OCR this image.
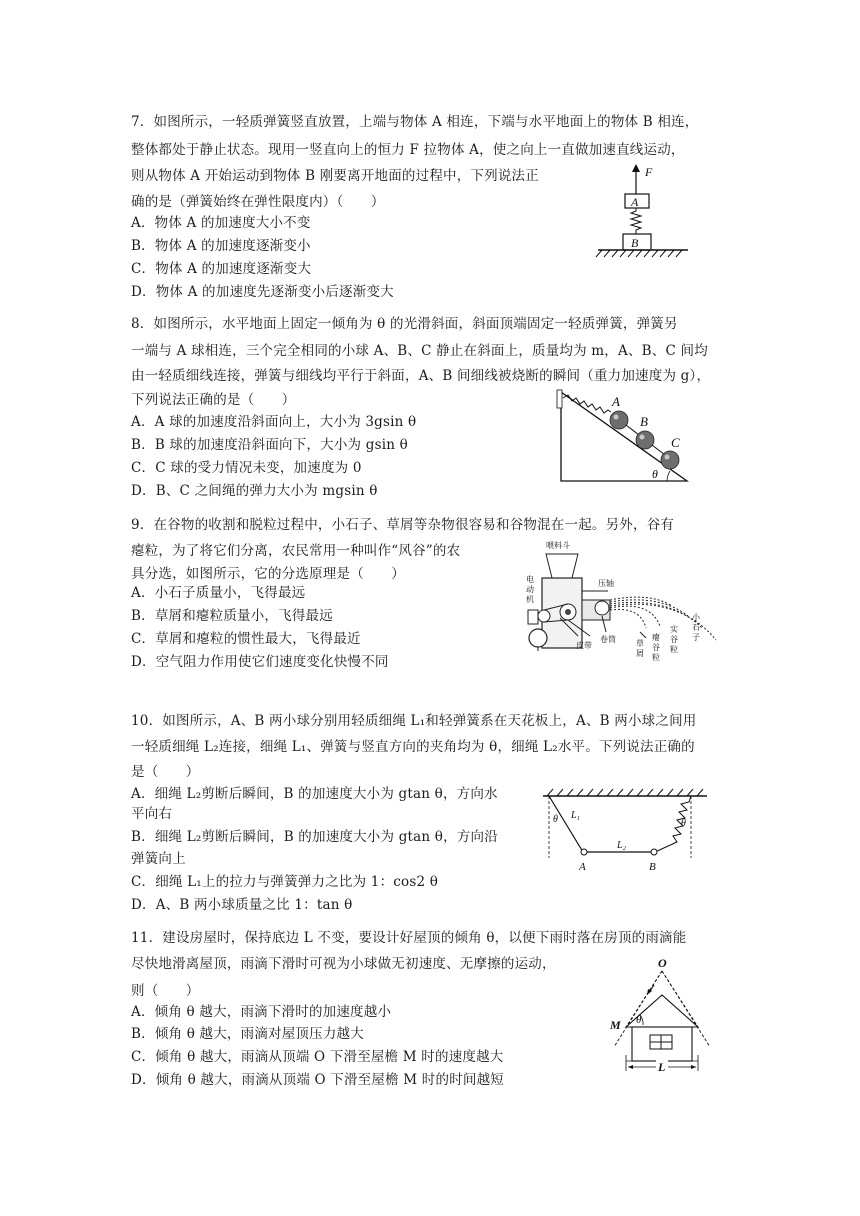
7．如图所示，一轻质弹簧竖直放置，上端与物体 A 相连，下端与水平地面上的物体 B 相连，
整体都处于静止状态。现用一竖直向上的恒力 F 拉物体 A，使之向上一直做加速直线运动，
则从物体 A 开始运动到物体 B 刚要离开地面的过程中，下列说法正
确的是（弹簧始终在弹性限度内）（　　）
A．物体 A 的加速度大小不变
B．物体 A 的加速度逐渐变小
C．物体 A 的加速度逐渐变大
D．物体 A 的加速度先逐渐变小后逐渐变大
F
A
B
8．如图所示，水平地面上固定一倾角为 θ 的光滑斜面，斜面顶端固定一轻质弹簧，弹簧另
一端与 A 球相连，三个完全相同的小球 A、B、C 静止在斜面上，质量均为 m，A、B、C 间均
由一轻质细线连接，弹簧与细线均平行于斜面，A、B 间细线被烧断的瞬间（重力加速度为 g），
下列说法正确的是（　　）
A．A 球的加速度沿斜面向上，大小为 3gsin θ
B．B 球的加速度沿斜面向下，大小为 gsin θ
C．C 球的受力情况未变，加速度为 0
D．B、C 之间绳的弹力大小为 mgsin θ
A
B
C
θ
9．在谷物的收割和脱粒过程中，小石子、草屑等杂物很容易和谷物混在一起。另外，谷有
瘪粒，为了将它们分离，农民常用一种叫作“风谷”的农
具分选，如图所示，它的分选原理是（　　）
A．小石子质量小，飞得最远
B．草屑和瘪粒质量小，飞得最远
C．草屑和瘪粒的惯性最大，飞得最近
D．空气阻力作用使它们速度变化快慢不同
喂料斗
电
动
机
压轴
皮带
卷筒	草
屑
瘪
谷
粒
实
谷
粒
小
石
子
10．如图所示，A、B 两小球分别用轻质细绳 L₁和轻弹簧系在天花板上，A、B 两小球之间用
一轻质细绳 L₂连接，细绳 L₁、弹簧与竖直方向的夹角均为 θ，细绳 L₂水平。下列说法正确的
是（　　）
A．细绳 L₂剪断后瞬间，B 的加速度大小为 gtan θ，方向水
平向右
B．细绳 L₂剪断后瞬间，B 的加速度大小为 gtan θ，方向沿
弹簧向上
C．细绳 L₁上的拉力与弹簧弹力之比为 1：cos2 θ
D．A、B 两小球质量之比 1：tan θ
θ L₁
θ
L₂
A	B
11．建设房屋时，保持底边 L 不变，要设计好屋顶的倾角 θ，以便下雨时落在房顶的雨滴能
尽快地滑离屋顶，雨滴下滑时可视为小球做无初速度、无摩擦的运动，
则（　　）
A．倾角 θ 越大，雨滴下滑时的加速度越小
B．倾角 θ 越大，雨滴对屋顶压力越大
C．倾角 θ 越大，雨滴从顶端 O 下滑至屋檐 M 时的速度越大
D．倾角 θ 越大，雨滴从顶端 O 下滑至屋檐 M 时的时间越短
O
M θ
L
